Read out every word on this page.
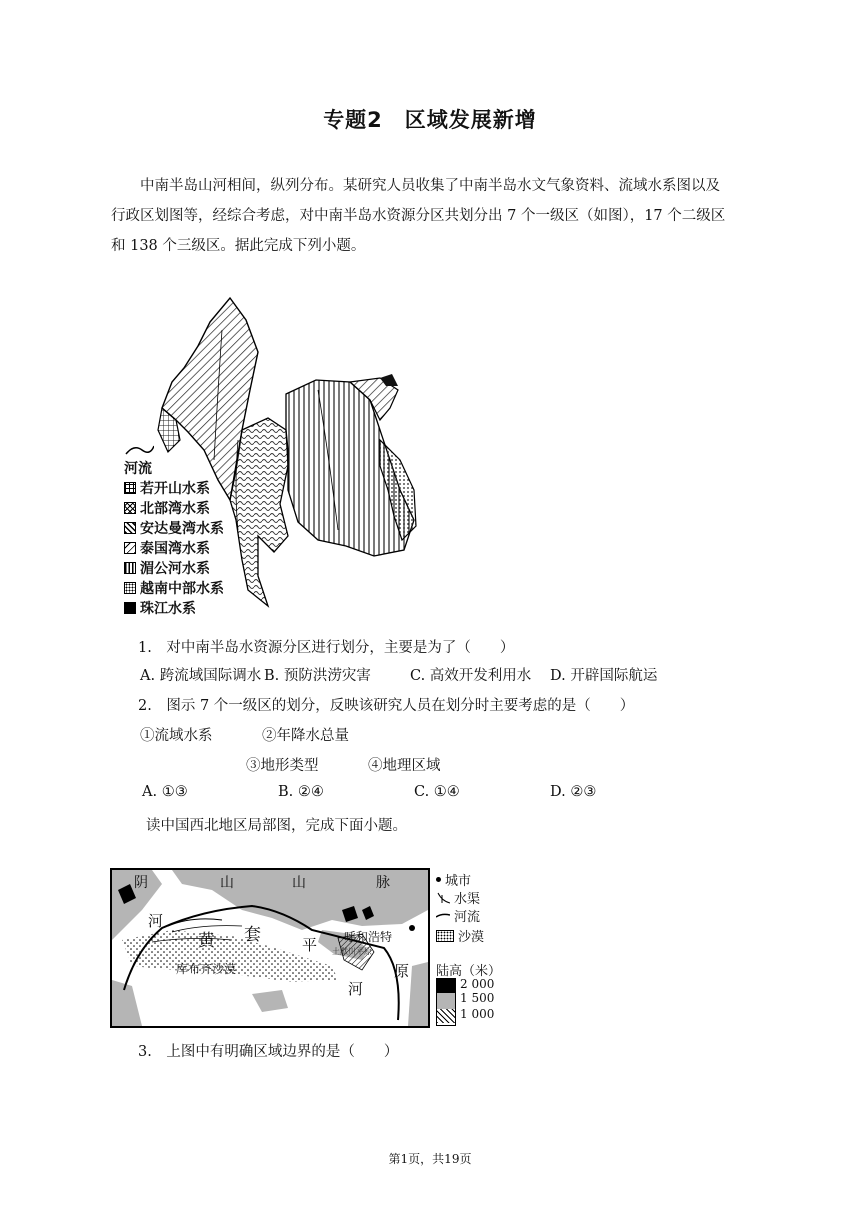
专题2　区域发展新增
中南半岛山河相间，纵列分布。某研究人员收集了中南半岛水文气象资料、流域水系图以及
行政区划图等，经综合考虑，对中南半岛水资源分区共划分出 7 个一级区（如图），17 个二级区
和 138 个三级区。据此完成下列小题。
河流
若开山水系
北部湾水系
安达曼湾水系
泰国湾水系
湄公河水系
越南中部水系
珠江水系
1.　对中南半岛水资源分区进行划分，主要是为了（　　）
A. 跨流域国际调水 B. 预防洪涝灾害	C. 高效开发利用水 D. 开辟国际航运
2.　图示 7 个一级区的划分，反映该研究人员在划分时主要考虑的是（　　）
①流域水系	②年降水总量
③地形类型	④地理区域
A. ①③	B. ②④	C. ①④	D. ②③
读中国西北地区局部图，完成下面小题。
阴	山	山	脉
河
黄 套	平
原
河
呼和浩特
库布齐沙漠
土默川平原
城市
水渠
河流
沙漠
陆高（米）
2 000
1 500
1 000
3.　上图中有明确区域边界的是（　　）
第1页，共19页
